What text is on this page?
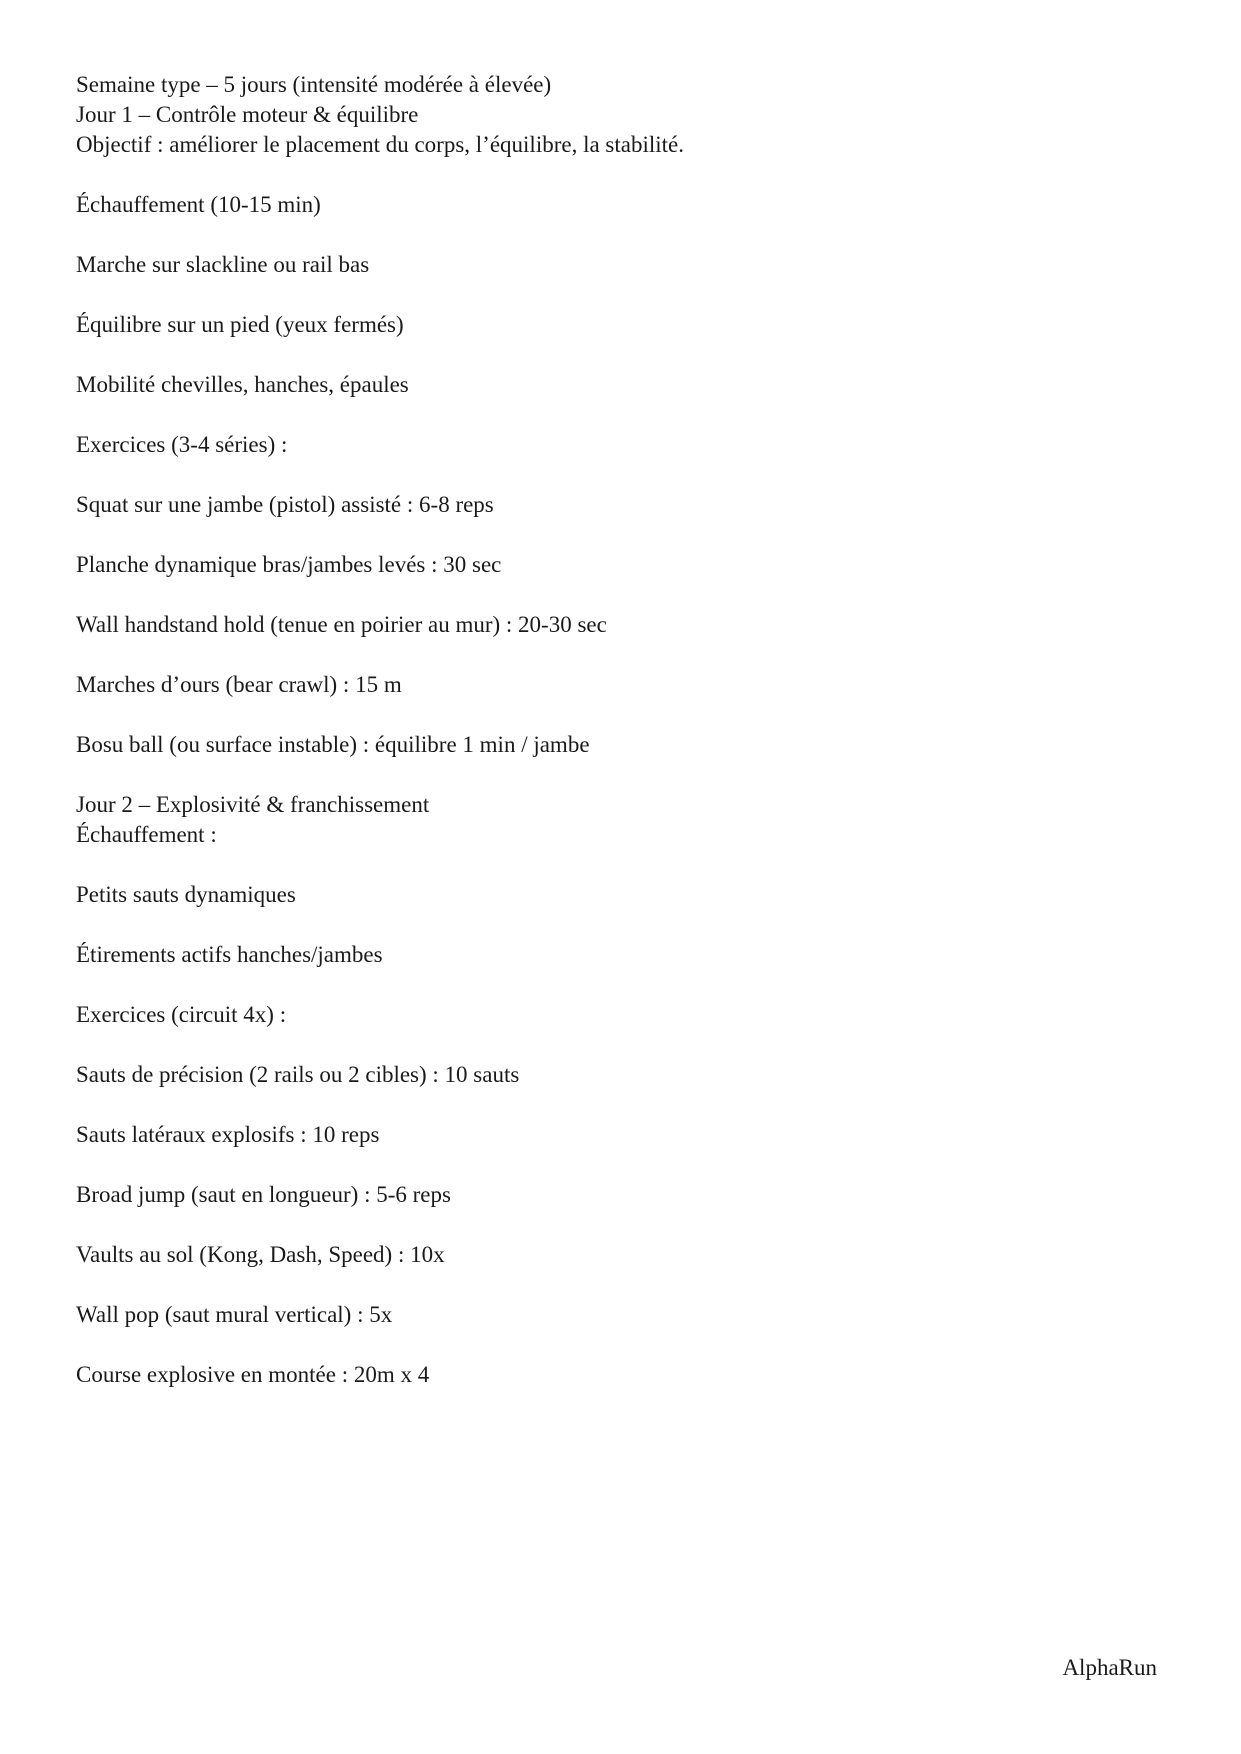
Semaine type – 5 jours (intensité modérée à élevée)
Jour 1 – Contrôle moteur & équilibre
Objectif : améliorer le placement du corps, l’équilibre, la stabilité.
Échauffement (10-15 min)
Marche sur slackline ou rail bas
Équilibre sur un pied (yeux fermés)
Mobilité chevilles, hanches, épaules
Exercices (3-4 séries) :
Squat sur une jambe (pistol) assisté : 6-8 reps
Planche dynamique bras/jambes levés : 30 sec
Wall handstand hold (tenue en poirier au mur) : 20-30 sec
Marches d’ours (bear crawl) : 15 m
Bosu ball (ou surface instable) : équilibre 1 min / jambe
Jour 2 – Explosivité & franchissement
Échauffement :
Petits sauts dynamiques
Étirements actifs hanches/jambes
Exercices (circuit 4x) :
Sauts de précision (2 rails ou 2 cibles) : 10 sauts
Sauts latéraux explosifs : 10 reps
Broad jump (saut en longueur) : 5-6 reps
Vaults au sol (Kong, Dash, Speed) : 10x
Wall pop (saut mural vertical) : 5x
Course explosive en montée : 20m x 4
AlphaRun
